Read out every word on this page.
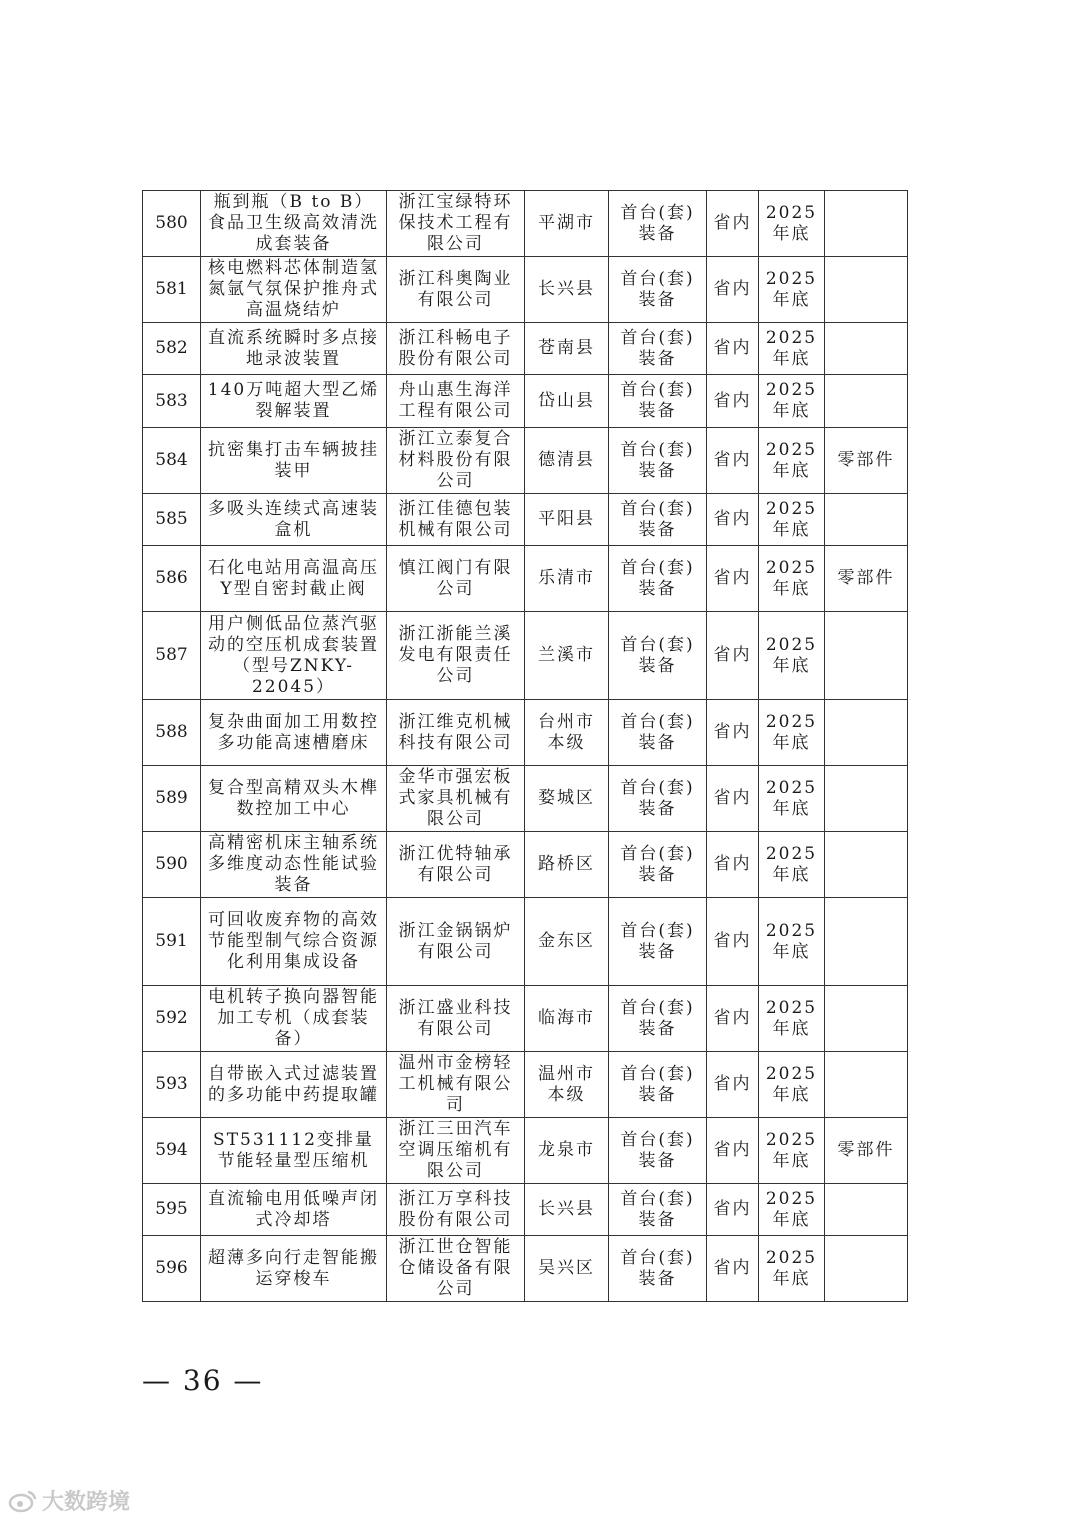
580	瓶到瓶（B to B）食品卫生级高效清洗成套装备	浙江宝绿特环保技术工程有限公司	平湖市	首台(套)装备	省内	2025年底	
581	核电燃料芯体制造氢氮氩气氛保护推舟式高温烧结炉	浙江科奥陶业有限公司	长兴县	首台(套)装备	省内	2025年底	
582	直流系统瞬时多点接地录波装置	浙江科畅电子股份有限公司	苍南县	首台(套)装备	省内	2025年底	
583	140万吨超大型乙烯裂解装置	舟山惠生海洋工程有限公司	岱山县	首台(套)装备	省内	2025年底	
584	抗密集打击车辆披挂装甲	浙江立泰复合材料股份有限公司	德清县	首台(套)装备	省内	2025年底	零部件
585	多吸头连续式高速装盒机	浙江佳德包装机械有限公司	平阳县	首台(套)装备	省内	2025年底	
586	石化电站用高温高压Y型自密封截止阀	慎江阀门有限公司	乐清市	首台(套)装备	省内	2025年底	零部件
587	用户侧低品位蒸汽驱动的空压机成套装置（型号ZNKY-22045）	浙江浙能兰溪发电有限责任公司	兰溪市	首台(套)装备	省内	2025年底	
588	复杂曲面加工用数控多功能高速槽磨床	浙江维克机械科技有限公司	台州市本级	首台(套)装备	省内	2025年底	
589	复合型高精双头木榫数控加工中心	金华市强宏板式家具机械有限公司	婺城区	首台(套)装备	省内	2025年底	
590	高精密机床主轴系统多维度动态性能试验装备	浙江优特轴承有限公司	路桥区	首台(套)装备	省内	2025年底	
591	可回收废弃物的高效节能型制气综合资源化利用集成设备	浙江金锅锅炉有限公司	金东区	首台(套)装备	省内	2025年底	
592	电机转子换向器智能加工专机（成套装备）	浙江盛业科技有限公司	临海市	首台(套)装备	省内	2025年底	
593	自带嵌入式过滤装置的多功能中药提取罐	温州市金榜轻工机械有限公司	温州市本级	首台(套)装备	省内	2025年底	
594	ST531112变排量节能轻量型压缩机	浙江三田汽车空调压缩机有限公司	龙泉市	首台(套)装备	省内	2025年底	零部件
595	直流输电用低噪声闭式冷却塔	浙江万享科技股份有限公司	长兴县	首台(套)装备	省内	2025年底	
596	超薄多向行走智能搬运穿梭车	浙江世仓智能仓储设备有限公司	吴兴区	首台(套)装备	省内	2025年底	
— 36 —
大数跨境
